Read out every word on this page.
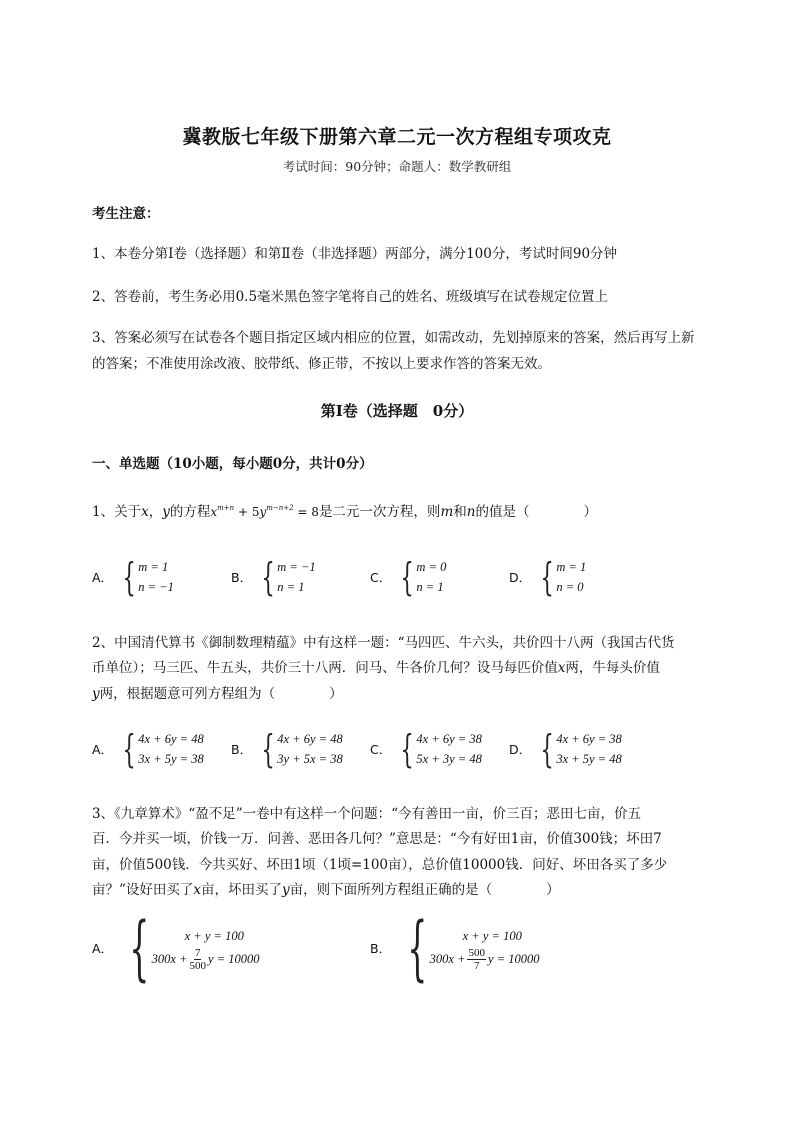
冀教版七年级下册第六章二元一次方程组专项攻克
考试时间：90分钟；命题人：数学教研组
考生注意：
1、本卷分第Ⅰ卷（选择题）和第Ⅱ卷（非选择题）两部分，满分100分，考试时间90分钟
2、答卷前，考生务必用0.5毫米黑色签字笔将自己的姓名、班级填写在试卷规定位置上
3、答案必须写在试卷各个题目指定区域内相应的位置，如需改动，先划掉原来的答案，然后再写上新
的答案；不准使用涂改液、胶带纸、修正带，不按以上要求作答的答案无效。
第Ⅰ卷（选择题　0分）
一、单选题（10小题，每小题0分，共计0分）
1、关于x，y的方程$x^{m+n} + 5y^{m-n+2} = 8$是二元一次方程，则m和n的值是（　　　　）
A． { m = 1
n = −1
B． { m = −1
n = 1
C． { m = 0
n = 1
D． { m = 1
n = 0
2、中国清代算书《御制数理精蕴》中有这样一题：“马四匹、牛六头，共价四十八两（我国古代货
币单位）；马三匹、牛五头，共价三十八两．问马、牛各价几何？设马每匹价值x两，牛每头价值
y两，根据题意可列方程组为（　　　　）
A． { 4x + 6y = 48
3x + 5y = 38
B． { 4x + 6y = 48
3y + 5x = 38
C． { 4x + 6y = 38
5x + 3y = 48
D． { 4x + 6y = 38
3x + 5y = 48
3、《九章算术》“盈不足”一卷中有这样一个问题：“今有善田一亩，价三百；恶田七亩，价五
百．今并买一顷，价钱一万．问善、恶田各几何？”意思是：“今有好田1亩，价值300钱；坏田7
亩，价值500钱．今共买好、坏田1顷（1顷=100亩），总价值10000钱．问好、坏田各买了多少
亩？”设好田买了x亩，坏田买了y亩，则下面所列方程组正确的是（　　　　）
A． {	x + y = 100
$300x + \frac{7}{500}$ y = 10000
B． {	x + y = 100
$300x + \frac{500}{7}$ y = 10000
